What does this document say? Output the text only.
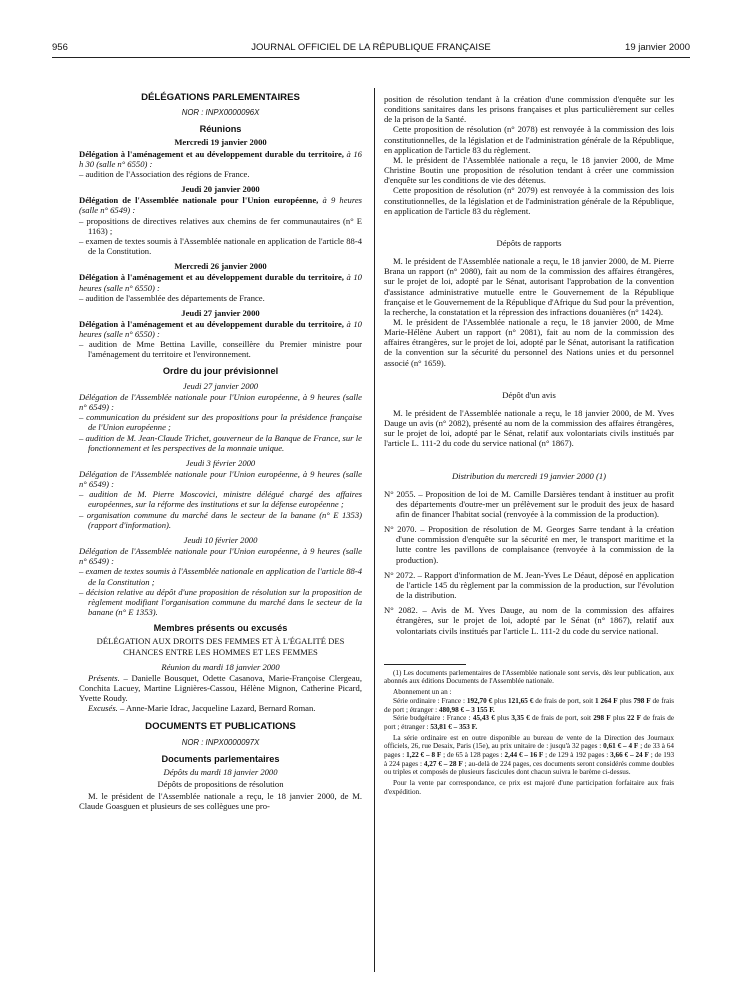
956	JOURNAL OFFICIEL DE LA RÉPUBLIQUE FRANÇAISE	19 janvier 2000

DÉLÉGATIONS PARLEMENTAIRES

NOR : INPX0000096X

Réunions

Mercredi 19 janvier 2000

Délégation à l'aménagement et au développement durable du territoire, à 16 h 30 (salle n° 6550) :

– audition de l'Association des régions de France.

Jeudi 20 janvier 2000

Délégation de l'Assemblée nationale pour l'Union européenne, à 9 heures (salle n° 6549) :

– propositions de directives relatives aux chemins de fer communautaires (n° E 1163) ;

– examen de textes soumis à l'Assemblée nationale en application de l'article 88-4 de la Constitution.

Mercredi 26 janvier 2000

Délégation à l'aménagement et au développement durable du territoire, à 10 heures (salle n° 6550) :

– audition de l'assemblée des départements de France.

Jeudi 27 janvier 2000

Délégation à l'aménagement et au développement durable du territoire, à 10 heures (salle n° 6550) :

– audition de Mme Bettina Laville, conseillère du Premier ministre pour l'aménagement du territoire et l'environnement.

Ordre du jour prévisionnel

Jeudi 27 janvier 2000

Délégation de l'Assemblée nationale pour l'Union européenne, à 9 heures (salle n° 6549) :

– communication du président sur des propositions pour la présidence française de l'Union européenne ;

– audition de M. Jean-Claude Trichet, gouverneur de la Banque de France, sur le fonctionnement et les perspectives de la monnaie unique.

Jeudi 3 février 2000

Délégation de l'Assemblée nationale pour l'Union européenne, à 9 heures (salle n° 6549) :

– audition de M. Pierre Moscovici, ministre délégué chargé des affaires européennes, sur la réforme des institutions et sur la défense européenne ;

– organisation commune du marché dans le secteur de la banane (n° E 1353) (rapport d'information).

Jeudi 10 février 2000

Délégation de l'Assemblée nationale pour l'Union européenne, à 9 heures (salle n° 6549) :

– examen de textes soumis à l'Assemblée nationale en application de l'article 88-4 de la Constitution ;

– décision relative au dépôt d'une proposition de résolution sur la proposition de règlement modifiant l'organisation commune du marché dans le secteur de la banane (n° E 1353).

Membres présents ou excusés

DÉLÉGATION AUX DROITS DES FEMMES ET À L'ÉGALITÉ DES CHANCES ENTRE LES HOMMES ET LES FEMMES

Réunion du mardi 18 janvier 2000

Présents. – Danielle Bousquet, Odette Casanova, Marie-Françoise Clergeau, Conchita Lacuey, Martine Lignières-Cassou, Hélène Mignon, Catherine Picard, Yvette Roudy.

Excusés. – Anne-Marie Idrac, Jacqueline Lazard, Bernard Roman.

DOCUMENTS ET PUBLICATIONS

NOR : INPX0000097X

Documents parlementaires

Dépôts du mardi 18 janvier 2000

Dépôts de propositions de résolution

M. le président de l'Assemblée nationale a reçu, le 18 janvier 2000, de M. Claude Goasguen et plusieurs de ses collègues une pro-

position de résolution tendant à la création d'une commission d'enquête sur les conditions sanitaires dans les prisons françaises et plus particulièrement sur celles de la prison de la Santé.

Cette proposition de résolution (n° 2078) est renvoyée à la commission des lois constitutionnelles, de la législation et de l'administration générale de la République, en application de l'article 83 du règlement.

M. le président de l'Assemblée nationale a reçu, le 18 janvier 2000, de Mme Christine Boutin une proposition de résolution tendant à créer une commission d'enquête sur les conditions de vie des détenus.

Cette proposition de résolution (n° 2079) est renvoyée à la commission des lois constitutionnelles, de la législation et de l'administration générale de la République, en application de l'article 83 du règlement.

Dépôts de rapports

M. le président de l'Assemblée nationale a reçu, le 18 janvier 2000, de M. Pierre Brana un rapport (n° 2080), fait au nom de la commission des affaires étrangères, sur le projet de loi, adopté par le Sénat, autorisant l'approbation de la convention d'assistance administrative mutuelle entre le Gouvernement de la République française et le Gouvernement de la République d'Afrique du Sud pour la prévention, la recherche, la constatation et la répression des infractions douanières (n° 1424).

M. le président de l'Assemblée nationale a reçu, le 18 janvier 2000, de Mme Marie-Hélène Aubert un rapport (n° 2081), fait au nom de la commission des affaires étrangères, sur le projet de loi, adopté par le Sénat, autorisant la ratification de la convention sur la sécurité du personnel des Nations unies et du personnel associé (n° 1659).

Dépôt d'un avis

M. le président de l'Assemblée nationale a reçu, le 18 janvier 2000, de M. Yves Dauge un avis (n° 2082), présenté au nom de la commission des affaires étrangères, sur le projet de loi, adopté par le Sénat, relatif aux volontariats civils institués par l'article L. 111-2 du code du service national (n° 1867).

Distribution du mercredi 19 janvier 2000 (1)

N° 2055. – Proposition de loi de M. Camille Darsières tendant à instituer au profit des départements d'outre-mer un prélèvement sur le produit des jeux de hasard afin de financer l'habitat social (renvoyée à la commission de la production).

N° 2070. – Proposition de résolution de M. Georges Sarre tendant à la création d'une commission d'enquête sur la sécurité en mer, le transport maritime et la lutte contre les pavillons de complaisance (renvoyée à la commission de la production).

N° 2072. – Rapport d'information de M. Jean-Yves Le Déaut, déposé en application de l'article 145 du règlement par la commission de la production, sur l'évolution de la distribution.

N° 2082. – Avis de M. Yves Dauge, au nom de la commission des affaires étrangères, sur le projet de loi, adopté par le Sénat (n° 1867), relatif aux volontariats civils institués par l'article L. 111-2 du code du service national.

(1) Les documents parlementaires de l'Assemblée nationale sont servis, dès leur publication, aux abonnés aux éditions Documents de l'Assemblée nationale.

Abonnement un an :

Série ordinaire : France : 192,70 € plus 121,65 € de frais de port, soit 1 264 F plus 798 F de frais de port ; étranger : 480,98 € – 3 155 F.

Série budgétaire : France : 45,43 € plus 3,35 € de frais de port, soit 298 F plus 22 F de frais de port ; étranger : 53,81 € – 353 F.

La série ordinaire est en outre disponible au bureau de vente de la Direction des Journaux officiels, 26, rue Desaix, Paris (15e), au prix unitaire de : jusqu'à 32 pages : 0,61 € – 4 F ; de 33 à 64 pages : 1,22 € – 8 F ; de 65 à 128 pages : 2,44 € – 16 F ; de 129 à 192 pages : 3,66 € – 24 F ; de 193 à 224 pages : 4,27 € – 28 F ; au-delà de 224 pages, ces documents seront considérés comme doubles ou triples et composés de plusieurs fascicules dont chacun suivra le barème ci-dessus.

Pour la vente par correspondance, ce prix est majoré d'une participation forfaitaire aux frais d'expédition.
